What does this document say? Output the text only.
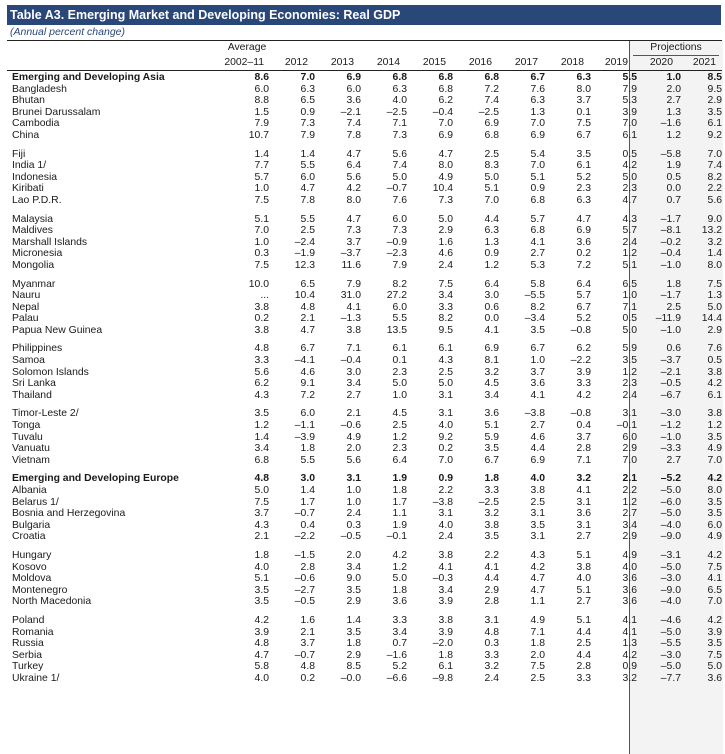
Table A3. Emerging Market and Developing Economies: Real GDP
(Annual percent change)
Average	Projections
2002–11	2012	2013	2014	2015	2016	2017	2018	2019	2020	2021
Emerging and Developing Asia	8.6	7.0	6.9	6.8	6.8	6.8	6.7	6.3	5.5	1.0	8.5
Bangladesh	6.0	6.3	6.0	6.3	6.8	7.2	7.6	8.0	7.9	2.0	9.5
Bhutan	8.8	6.5	3.6	4.0	6.2	7.4	6.3	3.7	5.3	2.7	2.9
Brunei Darussalam	1.5	0.9	–2.1	–2.5	–0.4	–2.5	1.3	0.1	3.9	1.3	3.5
Cambodia	7.9	7.3	7.4	7.1	7.0	6.9	7.0	7.5	7.0	–1.6	6.1
China	10.7	7.9	7.8	7.3	6.9	6.8	6.9	6.7	6.1	1.2	9.2
Fiji	1.4	1.4	4.7	5.6	4.7	2.5	5.4	3.5	0.5	–5.8	7.0
India 1/	7.7	5.5	6.4	7.4	8.0	8.3	7.0	6.1	4.2	1.9	7.4
Indonesia	5.7	6.0	5.6	5.0	4.9	5.0	5.1	5.2	5.0	0.5	8.2
Kiribati	1.0	4.7	4.2	–0.7	10.4	5.1	0.9	2.3	2.3	0.0	2.2
Lao P.D.R.	7.5	7.8	8.0	7.6	7.3	7.0	6.8	6.3	4.7	0.7	5.6
Malaysia	5.1	5.5	4.7	6.0	5.0	4.4	5.7	4.7	4.3	–1.7	9.0
Maldives	7.0	2.5	7.3	7.3	2.9	6.3	6.8	6.9	5.7	–8.1	13.2
Marshall Islands	1.0	–2.4	3.7	–0.9	1.6	1.3	4.1	3.6	2.4	–0.2	3.2
Micronesia	0.3	–1.9	–3.7	–2.3	4.6	0.9	2.7	0.2	1.2	–0.4	1.4
Mongolia	7.5	12.3	11.6	7.9	2.4	1.2	5.3	7.2	5.1	–1.0	8.0
Myanmar	10.0	6.5	7.9	8.2	7.5	6.4	5.8	6.4	6.5	1.8	7.5
Nauru	...	10.4	31.0	27.2	3.4	3.0	–5.5	5.7	1.0	–1.7	1.3
Nepal	3.8	4.8	4.1	6.0	3.3	0.6	8.2	6.7	7.1	2.5	5.0
Palau	0.2	2.1	–1.3	5.5	8.2	0.0	–3.4	5.2	0.5	–11.9	14.4
Papua New Guinea	3.8	4.7	3.8	13.5	9.5	4.1	3.5	–0.8	5.0	–1.0	2.9
Philippines	4.8	6.7	7.1	6.1	6.1	6.9	6.7	6.2	5.9	0.6	7.6
Samoa	3.3	–4.1	–0.4	0.1	4.3	8.1	1.0	–2.2	3.5	–3.7	0.5
Solomon Islands	5.6	4.6	3.0	2.3	2.5	3.2	3.7	3.9	1.2	–2.1	3.8
Sri Lanka	6.2	9.1	3.4	5.0	5.0	4.5	3.6	3.3	2.3	–0.5	4.2
Thailand	4.3	7.2	2.7	1.0	3.1	3.4	4.1	4.2	2.4	–6.7	6.1
Timor-Leste 2/	3.5	6.0	2.1	4.5	3.1	3.6	–3.8	–0.8	3.1	–3.0	3.8
Tonga	1.2	–1.1	–0.6	2.5	4.0	5.1	2.7	0.4	–0.1	–1.2	1.2
Tuvalu	1.4	–3.9	4.9	1.2	9.2	5.9	4.6	3.7	6.0	–1.0	3.5
Vanuatu	3.4	1.8	2.0	2.3	0.2	3.5	4.4	2.8	2.9	–3.3	4.9
Vietnam	6.8	5.5	5.6	6.4	7.0	6.7	6.9	7.1	7.0	2.7	7.0
Emerging and Developing Europe	4.8	3.0	3.1	1.9	0.9	1.8	4.0	3.2	2.1	–5.2	4.2
Albania	5.0	1.4	1.0	1.8	2.2	3.3	3.8	4.1	2.2	–5.0	8.0
Belarus 1/	7.5	1.7	1.0	1.7	–3.8	–2.5	2.5	3.1	1.2	–6.0	3.5
Bosnia and Herzegovina	3.7	–0.7	2.4	1.1	3.1	3.2	3.1	3.6	2.7	–5.0	3.5
Bulgaria	4.3	0.4	0.3	1.9	4.0	3.8	3.5	3.1	3.4	–4.0	6.0
Croatia	2.1	–2.2	–0.5	–0.1	2.4	3.5	3.1	2.7	2.9	–9.0	4.9
Hungary	1.8	–1.5	2.0	4.2	3.8	2.2	4.3	5.1	4.9	–3.1	4.2
Kosovo	4.0	2.8	3.4	1.2	4.1	4.1	4.2	3.8	4.0	–5.0	7.5
Moldova	5.1	–0.6	9.0	5.0	–0.3	4.4	4.7	4.0	3.6	–3.0	4.1
Montenegro	3.5	–2.7	3.5	1.8	3.4	2.9	4.7	5.1	3.6	–9.0	6.5
North Macedonia	3.5	–0.5	2.9	3.6	3.9	2.8	1.1	2.7	3.6	–4.0	7.0
Poland	4.2	1.6	1.4	3.3	3.8	3.1	4.9	5.1	4.1	–4.6	4.2
Romania	3.9	2.1	3.5	3.4	3.9	4.8	7.1	4.4	4.1	–5.0	3.9
Russia	4.8	3.7	1.8	0.7	–2.0	0.3	1.8	2.5	1.3	–5.5	3.5
Serbia	4.7	–0.7	2.9	–1.6	1.8	3.3	2.0	4.4	4.2	–3.0	7.5
Turkey	5.8	4.8	8.5	5.2	6.1	3.2	7.5	2.8	0.9	–5.0	5.0
Ukraine 1/	4.0	0.2	–0.0	–6.6	–9.8	2.4	2.5	3.3	3.2	–7.7	3.6
